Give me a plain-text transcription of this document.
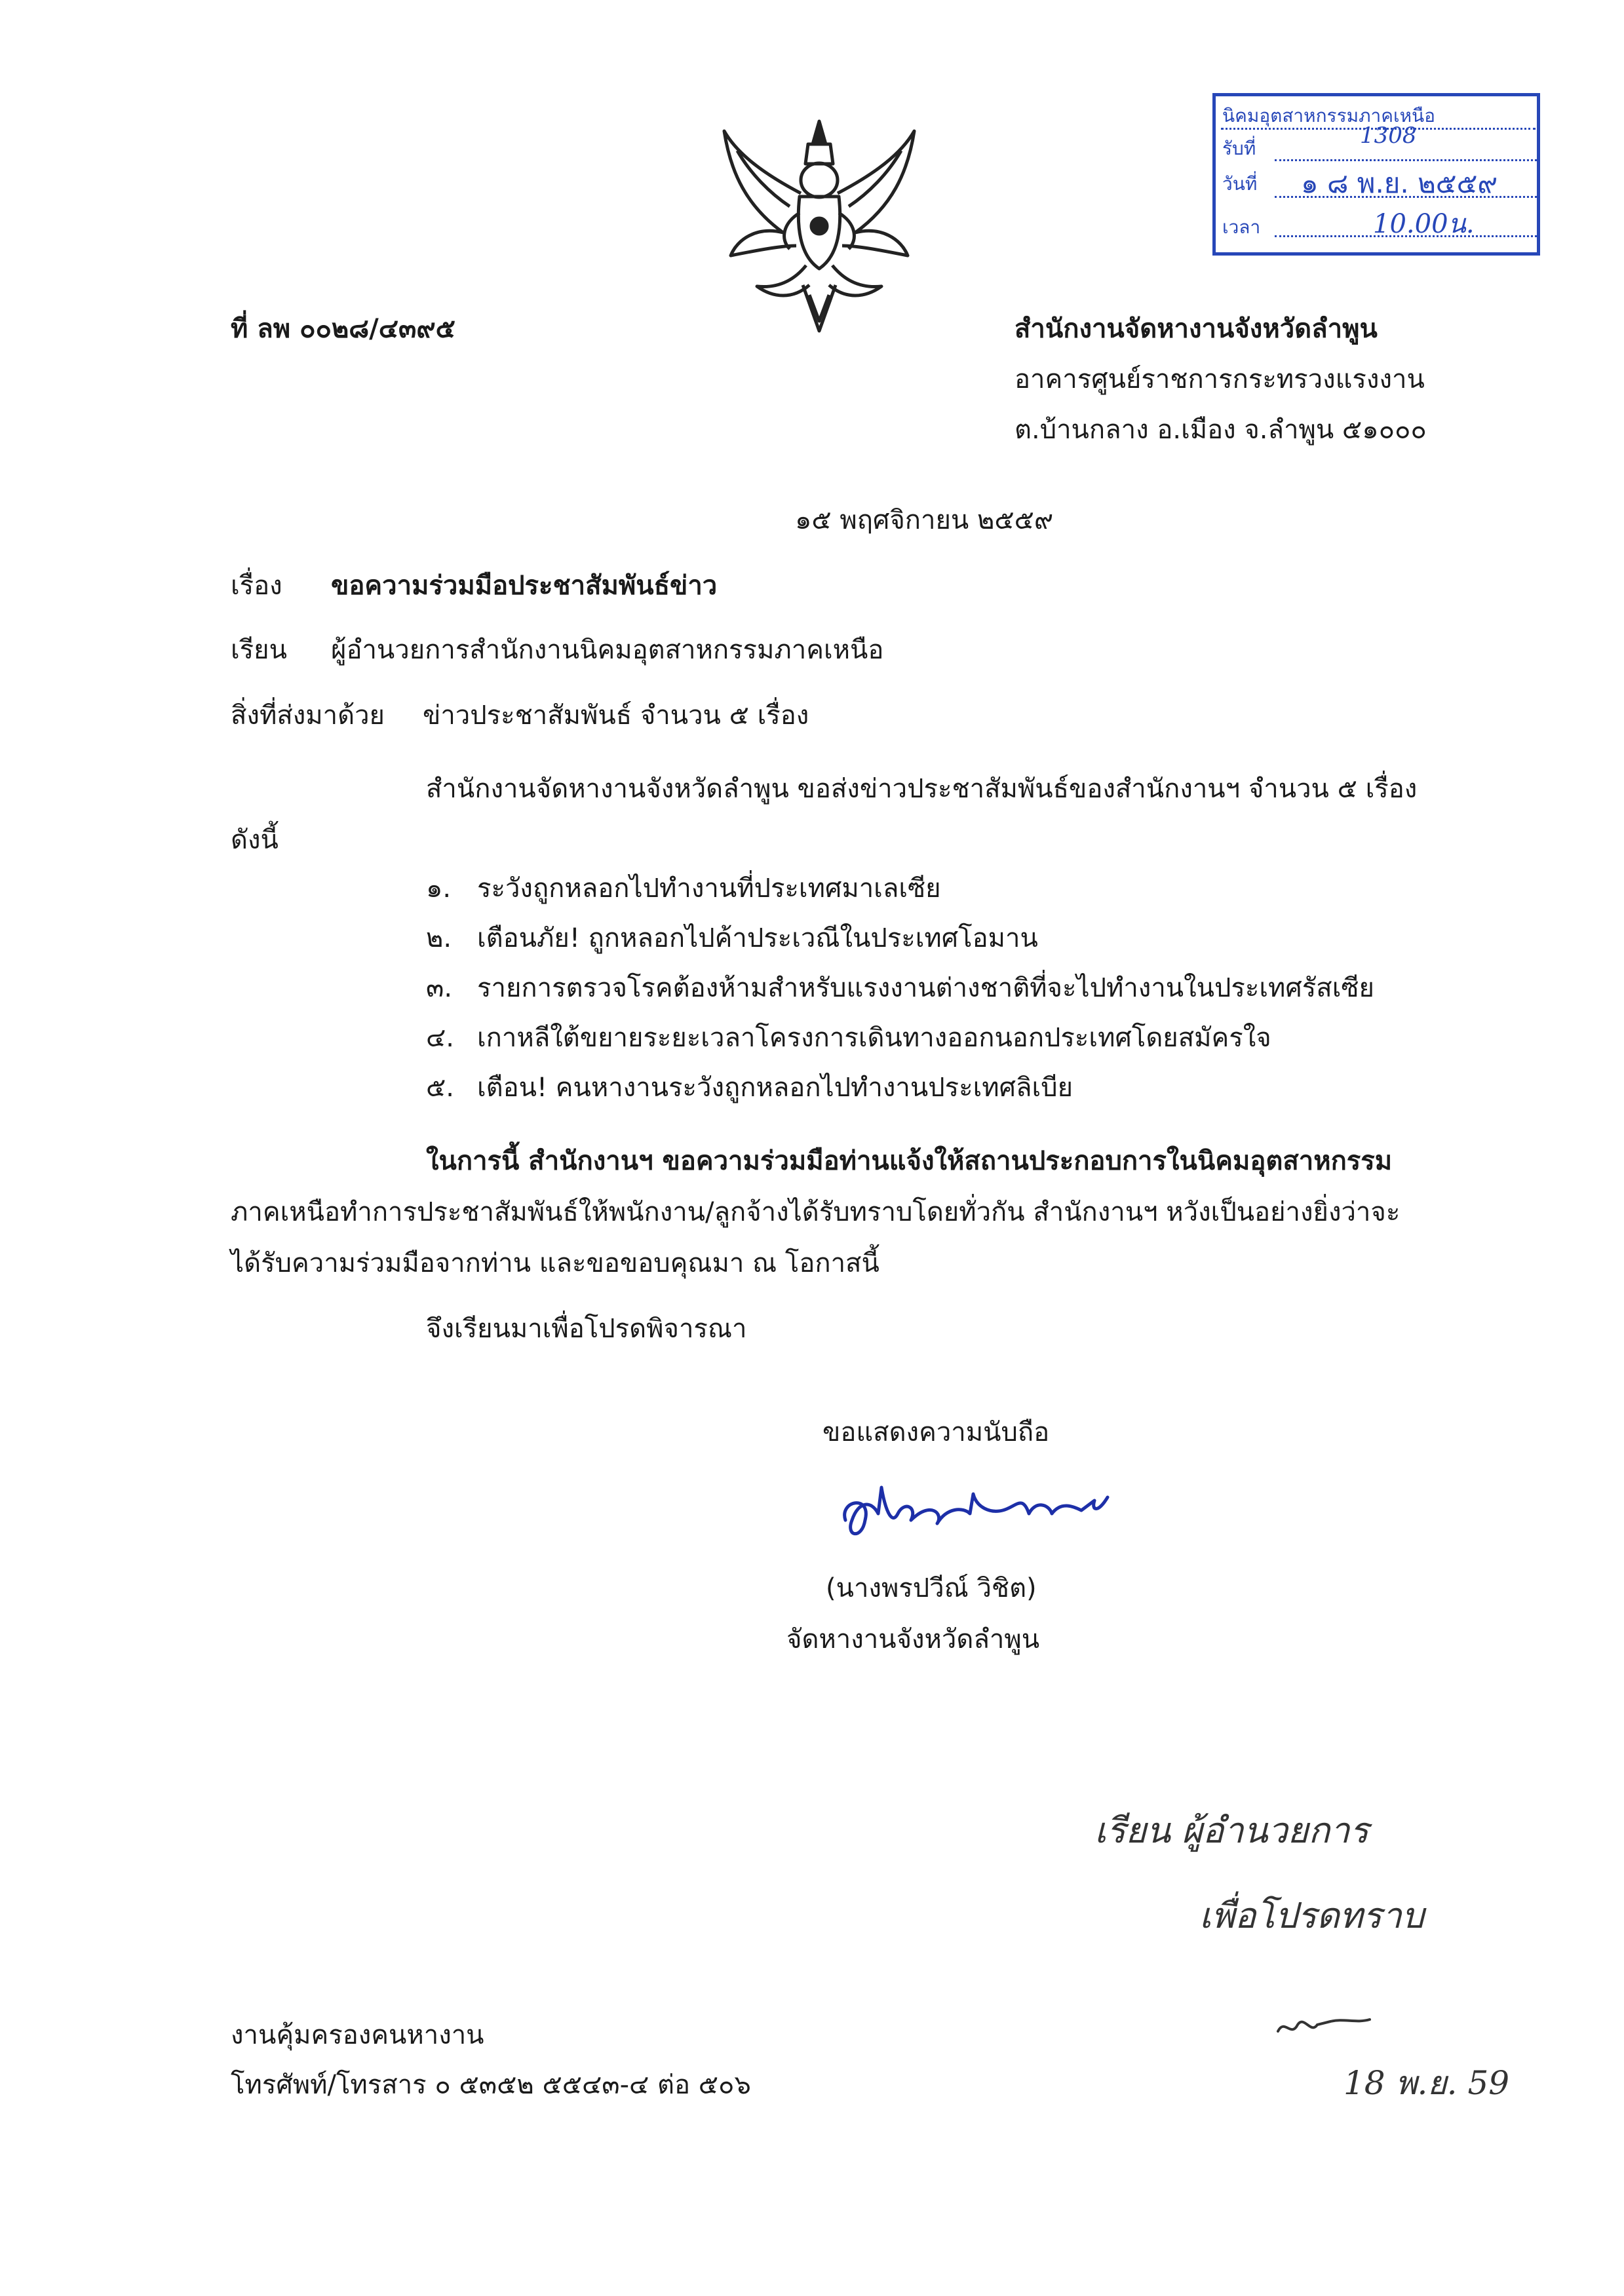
นิคมอุตสาหกรรมภาคเหนือ
รับที่	1308
วันที่ ๑ ๘ พ.ย. ๒๕๕๙
เวลา	10.00น.
ที่ ลพ ๐๐๒๘/๔๓๙๕	สำนักงานจัดหางานจังหวัดลำพูน
อาคารศูนย์ราชการกระทรวงแรงงาน
ต.บ้านกลาง อ.เมือง จ.ลำพูน ๕๑๐๐๐
๑๕ พฤศจิกายน ๒๕๕๙
เรื่อง ขอความร่วมมือประชาสัมพันธ์ข่าว
เรียน ผู้อำนวยการสำนักงานนิคมอุตสาหกรรมภาคเหนือ
สิ่งที่ส่งมาด้วย ข่าวประชาสัมพันธ์ จำนวน ๕ เรื่อง
สำนักงานจัดหางานจังหวัดลำพูน ขอส่งข่าวประชาสัมพันธ์ของสำนักงานฯ จำนวน ๕ เรื่อง
ดังนี้
๑. ระวังถูกหลอกไปทำงานที่ประเทศมาเลเซีย
๒. เตือนภัย! ถูกหลอกไปค้าประเวณีในประเทศโอมาน
๓. รายการตรวจโรคต้องห้ามสำหรับแรงงานต่างชาติที่จะไปทำงานในประเทศรัสเซีย
๔. เกาหลีใต้ขยายระยะเวลาโครงการเดินทางออกนอกประเทศโดยสมัครใจ
๕. เตือน! คนหางานระวังถูกหลอกไปทำงานประเทศลิเบีย
ในการนี้ สำนักงานฯ ขอความร่วมมือท่านแจ้งให้สถานประกอบการในนิคมอุตสาหกรรม
ภาคเหนือทำการประชาสัมพันธ์ให้พนักงาน/ลูกจ้างได้รับทราบโดยทั่วกัน สำนักงานฯ หวังเป็นอย่างยิ่งว่าจะ
ได้รับความร่วมมือจากท่าน และขอขอบคุณมา ณ โอกาสนี้
จึงเรียนมาเพื่อโปรดพิจารณา
ขอแสดงความนับถือ
(นางพรปวีณ์ วิชิต)
จัดหางานจังหวัดลำพูน
เรียน ผู้อำนวยการ
เพื่อโปรดทราบ
18 พ.ย. 59
งานคุ้มครองคนหางาน
โทรศัพท์/โทรสาร ๐ ๕๓๕๒ ๕๕๔๓-๔ ต่อ ๕๐๖
